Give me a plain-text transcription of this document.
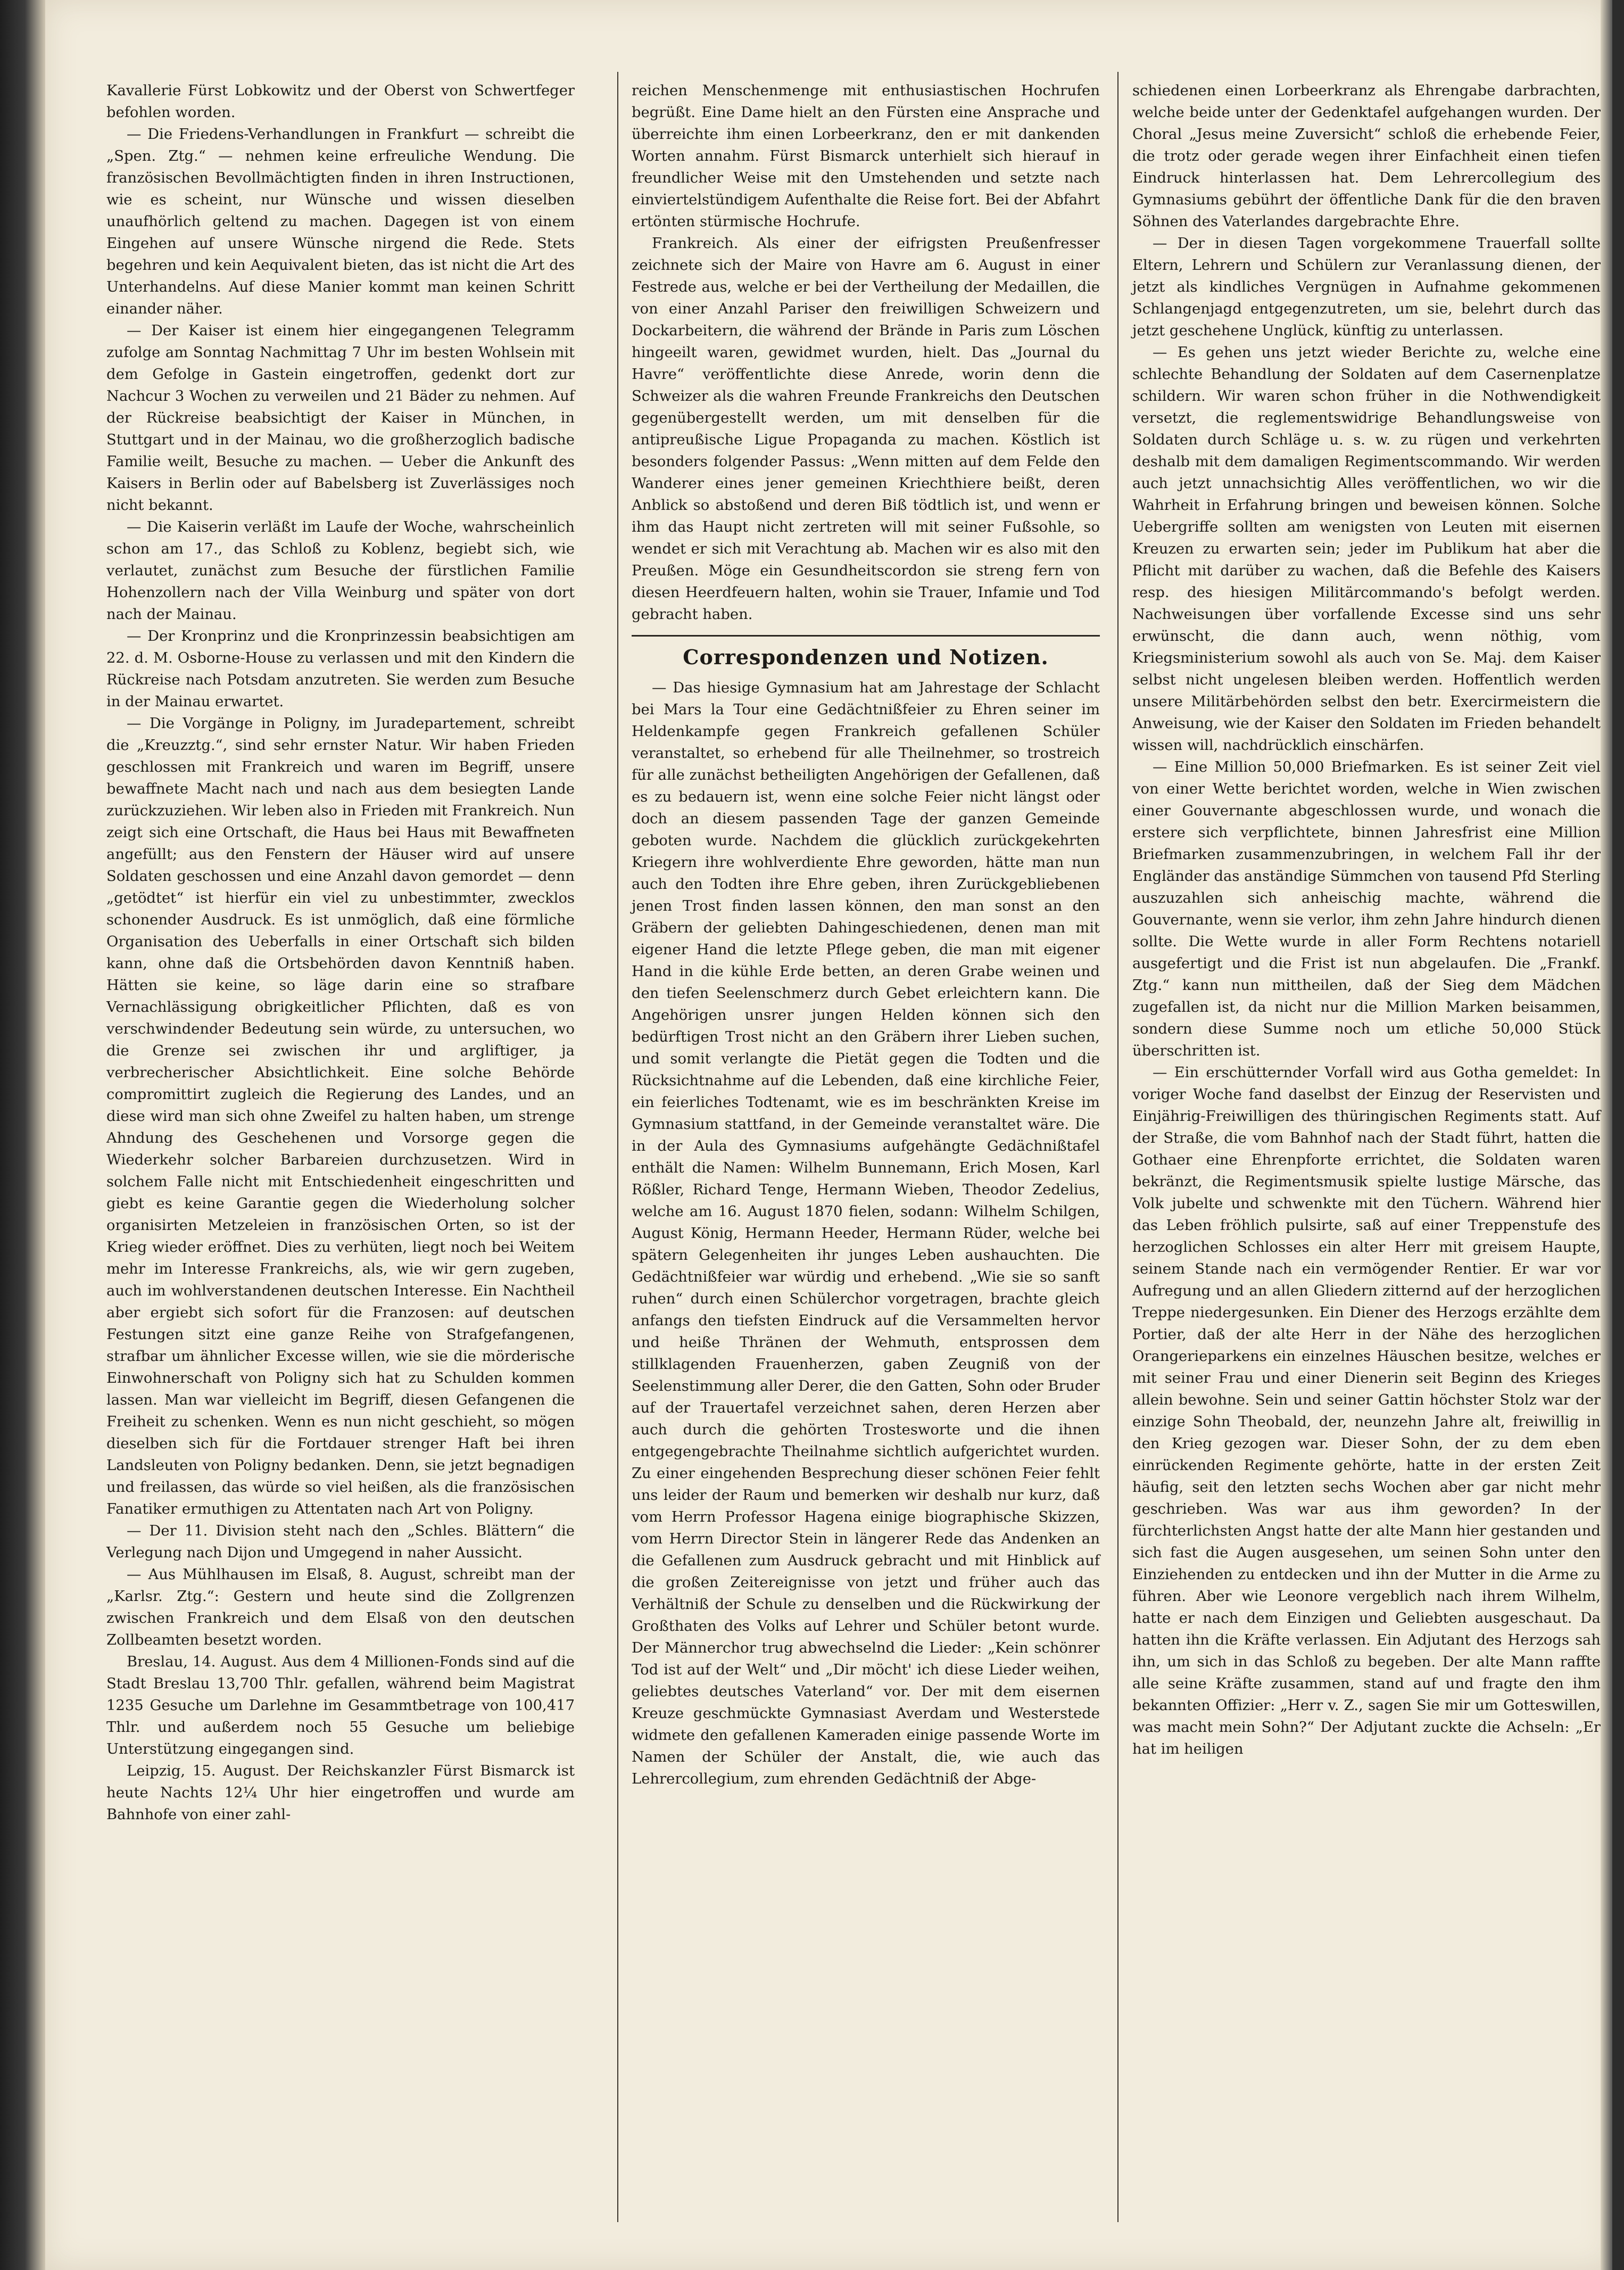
Kavallerie Fürst Lobkowitz und der Oberst von Schwertfeger befohlen worden.

— Die Friedens-Verhandlungen in Frankfurt — schreibt die „Spen. Ztg.“ — nehmen keine erfreuliche Wendung. Die französischen Bevollmächtigten finden in ihren Instructionen, wie es scheint, nur Wünsche und wissen dieselben unaufhörlich geltend zu machen. Dagegen ist von einem Eingehen auf unsere Wünsche nirgend die Rede. Stets begehren und kein Aequivalent bieten, das ist nicht die Art des Unterhandelns. Auf diese Manier kommt man keinen Schritt einander näher.

— Der Kaiser ist einem hier eingegangenen Telegramm zufolge am Sonntag Nachmittag 7 Uhr im besten Wohlsein mit dem Gefolge in Gastein eingetroffen, gedenkt dort zur Nachcur 3 Wochen zu verweilen und 21 Bäder zu nehmen. Auf der Rückreise beabsichtigt der Kaiser in München, in Stuttgart und in der Mainau, wo die großherzoglich badische Familie weilt, Besuche zu machen. — Ueber die Ankunft des Kaisers in Berlin oder auf Babelsberg ist Zuverlässiges noch nicht bekannt.

— Die Kaiserin verläßt im Laufe der Woche, wahrscheinlich schon am 17., das Schloß zu Koblenz, begiebt sich, wie verlautet, zunächst zum Besuche der fürstlichen Familie Hohenzollern nach der Villa Weinburg und später von dort nach der Mainau.

— Der Kronprinz und die Kronprinzessin beabsichtigen am 22. d. M. Osborne-House zu verlassen und mit den Kindern die Rückreise nach Potsdam anzutreten. Sie werden zum Besuche in der Mainau erwartet.

— Die Vorgänge in Poligny, im Juradepartement, schreibt die „Kreuzztg.“, sind sehr ernster Natur. Wir haben Frieden geschlossen mit Frankreich und waren im Begriff, unsere bewaffnete Macht nach und nach aus dem besiegten Lande zurückzuziehen. Wir leben also in Frieden mit Frankreich. Nun zeigt sich eine Ortschaft, die Haus bei Haus mit Bewaffneten angefüllt; aus den Fenstern der Häuser wird auf unsere Soldaten geschossen und eine Anzahl davon gemordet — denn „getödtet“ ist hierfür ein viel zu unbestimmter, zwecklos schonender Ausdruck. Es ist unmöglich, daß eine förmliche Organisation des Ueberfalls in einer Ortschaft sich bilden kann, ohne daß die Ortsbehörden davon Kenntniß haben. Hätten sie keine, so läge darin eine so strafbare Vernachlässigung obrigkeitlicher Pflichten, daß es von verschwindender Bedeutung sein würde, zu untersuchen, wo die Grenze sei zwischen ihr und argliftiger, ja verbrecherischer Absichtlichkeit. Eine solche Behörde compromittirt zugleich die Regierung des Landes, und an diese wird man sich ohne Zweifel zu halten haben, um strenge Ahndung des Geschehenen und Vorsorge gegen die Wiederkehr solcher Barbareien durchzusetzen. Wird in solchem Falle nicht mit Entschiedenheit eingeschritten und giebt es keine Garantie gegen die Wiederholung solcher organisirten Metzeleien in französischen Orten, so ist der Krieg wieder eröffnet. Dies zu verhüten, liegt noch bei Weitem mehr im Interesse Frankreichs, als, wie wir gern zugeben, auch im wohlverstandenen deutschen Interesse. Ein Nachtheil aber ergiebt sich sofort für die Franzosen: auf deutschen Festungen sitzt eine ganze Reihe von Strafgefangenen, strafbar um ähnlicher Excesse willen, wie sie die mörderische Einwohnerschaft von Poligny sich hat zu Schulden kommen lassen. Man war vielleicht im Begriff, diesen Gefangenen die Freiheit zu schenken. Wenn es nun nicht geschieht, so mögen dieselben sich für die Fortdauer strenger Haft bei ihren Landsleuten von Poligny bedanken. Denn, sie jetzt begnadigen und freilassen, das würde so viel heißen, als die französischen Fanatiker ermuthigen zu Attentaten nach Art von Poligny.

— Der 11. Division steht nach den „Schles. Blättern“ die Verlegung nach Dijon und Umgegend in naher Aussicht.

— Aus Mühlhausen im Elsaß, 8. August, schreibt man der „Karlsr. Ztg.“: Gestern und heute sind die Zollgrenzen zwischen Frankreich und dem Elsaß von den deutschen Zollbeamten besetzt worden.

Breslau, 14. August. Aus dem 4 Millionen-Fonds sind auf die Stadt Breslau 13,700 Thlr. gefallen, während beim Magistrat 1235 Gesuche um Darlehne im Gesammtbetrage von 100,417 Thlr. und außerdem noch 55 Gesuche um beliebige Unterstützung eingegangen sind.

Leipzig, 15. August. Der Reichskanzler Fürst Bismarck ist heute Nachts 12¼ Uhr hier eingetroffen und wurde am Bahnhofe von einer zahl-

reichen Menschenmenge mit enthusiastischen Hochrufen begrüßt. Eine Dame hielt an den Fürsten eine Ansprache und überreichte ihm einen Lorbeerkranz, den er mit dankenden Worten annahm. Fürst Bismarck unterhielt sich hierauf in freundlicher Weise mit den Umstehenden und setzte nach einviertelstündigem Aufenthalte die Reise fort. Bei der Abfahrt ertönten stürmische Hochrufe.

Frankreich. Als einer der eifrigsten Preußenfresser zeichnete sich der Maire von Havre am 6. August in einer Festrede aus, welche er bei der Vertheilung der Medaillen, die von einer Anzahl Pariser den freiwilligen Schweizern und Dockarbeitern, die während der Brände in Paris zum Löschen hingeeilt waren, gewidmet wurden, hielt. Das „Journal du Havre“ veröffentlichte diese Anrede, worin denn die Schweizer als die wahren Freunde Frankreichs den Deutschen gegenübergestellt werden, um mit denselben für die antipreußische Ligue Propaganda zu machen. Köstlich ist besonders folgender Passus: „Wenn mitten auf dem Felde den Wanderer eines jener gemeinen Kriechthiere beißt, deren Anblick so abstoßend und deren Biß tödtlich ist, und wenn er ihm das Haupt nicht zertreten will mit seiner Fußsohle, so wendet er sich mit Verachtung ab. Machen wir es also mit den Preußen. Möge ein Gesundheitscordon sie streng fern von diesen Heerdfeuern halten, wohin sie Trauer, Infamie und Tod gebracht haben.

Correspondenzen und Notizen.

— Das hiesige Gymnasium hat am Jahrestage der Schlacht bei Mars la Tour eine Gedächtnißfeier zu Ehren seiner im Heldenkampfe gegen Frankreich gefallenen Schüler veranstaltet, so erhebend für alle Theilnehmer, so trostreich für alle zunächst betheiligten Angehörigen der Gefallenen, daß es zu bedauern ist, wenn eine solche Feier nicht längst oder doch an diesem passenden Tage der ganzen Gemeinde geboten wurde. Nachdem die glücklich zurückgekehrten Kriegern ihre wohlverdiente Ehre geworden, hätte man nun auch den Todten ihre Ehre geben, ihren Zurückgebliebenen jenen Trost finden lassen können, den man sonst an den Gräbern der geliebten Dahingeschiedenen, denen man mit eigener Hand die letzte Pflege geben, die man mit eigener Hand in die kühle Erde betten, an deren Grabe weinen und den tiefen Seelenschmerz durch Gebet erleichtern kann. Die Angehörigen unsrer jungen Helden können sich den bedürftigen Trost nicht an den Gräbern ihrer Lieben suchen, und somit verlangte die Pietät gegen die Todten und die Rücksichtnahme auf die Lebenden, daß eine kirchliche Feier, ein feierliches Todtenamt, wie es im beschränkten Kreise im Gymnasium stattfand, in der Gemeinde veranstaltet wäre. Die in der Aula des Gymnasiums aufgehängte Gedächnißtafel enthält die Namen: Wilhelm Bunnemann, Erich Mosen, Karl Rößler, Richard Tenge, Hermann Wieben, Theodor Zedelius, welche am 16. August 1870 fielen, sodann: Wilhelm Schilgen, August König, Hermann Heeder, Hermann Rüder, welche bei spätern Gelegenheiten ihr junges Leben aushauchten. Die Gedächtnißfeier war würdig und erhebend. „Wie sie so sanft ruhen“ durch einen Schülerchor vorgetragen, brachte gleich anfangs den tiefsten Eindruck auf die Versammelten hervor und heiße Thränen der Wehmuth, entsprossen dem stillklagenden Frauenherzen, gaben Zeugniß von der Seelenstimmung aller Derer, die den Gatten, Sohn oder Bruder auf der Trauertafel verzeichnet sahen, deren Herzen aber auch durch die gehörten Trostesworte und die ihnen entgegengebrachte Theilnahme sichtlich aufgerichtet wurden. Zu einer eingehenden Besprechung dieser schönen Feier fehlt uns leider der Raum und bemerken wir deshalb nur kurz, daß vom Herrn Professor Hagena einige biographische Skizzen, vom Herrn Director Stein in längerer Rede das Andenken an die Gefallenen zum Ausdruck gebracht und mit Hinblick auf die großen Zeitereignisse von jetzt und früher auch das Verhältniß der Schule zu denselben und die Rückwirkung der Großthaten des Volks auf Lehrer und Schüler betont wurde. Der Männerchor trug abwechselnd die Lieder: „Kein schönrer Tod ist auf der Welt“ und „Dir möcht' ich diese Lieder weihen, geliebtes deutsches Vaterland“ vor. Der mit dem eisernen Kreuze geschmückte Gymnasiast Averdam und Westerstede widmete den gefallenen Kameraden einige passende Worte im Namen der Schüler der Anstalt, die, wie auch das Lehrercollegium, zum ehrenden Gedächtniß der Abge-

schiedenen einen Lorbeerkranz als Ehrengabe darbrachten, welche beide unter der Gedenktafel aufgehangen wurden. Der Choral „Jesus meine Zuversicht“ schloß die erhebende Feier, die trotz oder gerade wegen ihrer Einfachheit einen tiefen Eindruck hinterlassen hat. Dem Lehrercollegium des Gymnasiums gebührt der öffentliche Dank für die den braven Söhnen des Vaterlandes dargebrachte Ehre.

— Der in diesen Tagen vorgekommene Trauerfall sollte Eltern, Lehrern und Schülern zur Veranlassung dienen, der jetzt als kindliches Vergnügen in Aufnahme gekommenen Schlangenjagd entgegenzutreten, um sie, belehrt durch das jetzt geschehene Unglück, künftig zu unterlassen.

— Es gehen uns jetzt wieder Berichte zu, welche eine schlechte Behandlung der Soldaten auf dem Casernenplatze schildern. Wir waren schon früher in die Nothwendigkeit versetzt, die reglementswidrige Behandlungsweise von Soldaten durch Schläge u. s. w. zu rügen und verkehrten deshalb mit dem damaligen Regimentscommando. Wir werden auch jetzt unnachsichtig Alles veröffentlichen, wo wir die Wahrheit in Erfahrung bringen und beweisen können. Solche Uebergriffe sollten am wenigsten von Leuten mit eisernen Kreuzen zu erwarten sein; jeder im Publikum hat aber die Pflicht mit darüber zu wachen, daß die Befehle des Kaisers resp. des hiesigen Militärcommando's befolgt werden. Nachweisungen über vorfallende Excesse sind uns sehr erwünscht, die dann auch, wenn nöthig, vom Kriegsministerium sowohl als auch von Se. Maj. dem Kaiser selbst nicht ungelesen bleiben werden. Hoffentlich werden unsere Militärbehörden selbst den betr. Exercirmeistern die Anweisung, wie der Kaiser den Soldaten im Frieden behandelt wissen will, nachdrücklich einschärfen.

— Eine Million 50,000 Briefmarken. Es ist seiner Zeit viel von einer Wette berichtet worden, welche in Wien zwischen einer Gouvernante abgeschlossen wurde, und wonach die erstere sich verpflichtete, binnen Jahresfrist eine Million Briefmarken zusammenzubringen, in welchem Fall ihr der Engländer das anständige Sümmchen von tausend Pfd Sterling auszuzahlen sich anheischig machte, während die Gouvernante, wenn sie verlor, ihm zehn Jahre hindurch dienen sollte. Die Wette wurde in aller Form Rechtens notariell ausgefertigt und die Frist ist nun abgelaufen. Die „Frankf. Ztg.“ kann nun mittheilen, daß der Sieg dem Mädchen zugefallen ist, da nicht nur die Million Marken beisammen, sondern diese Summe noch um etliche 50,000 Stück überschritten ist.

— Ein erschütternder Vorfall wird aus Gotha gemeldet: In voriger Woche fand daselbst der Einzug der Reservisten und Einjährig-Freiwilligen des thüringischen Regiments statt. Auf der Straße, die vom Bahnhof nach der Stadt führt, hatten die Gothaer eine Ehrenpforte errichtet, die Soldaten waren bekränzt, die Regimentsmusik spielte lustige Märsche, das Volk jubelte und schwenkte mit den Tüchern. Während hier das Leben fröhlich pulsirte, saß auf einer Treppenstufe des herzoglichen Schlosses ein alter Herr mit greisem Haupte, seinem Stande nach ein vermögender Rentier. Er war vor Aufregung und an allen Gliedern zitternd auf der herzoglichen Treppe niedergesunken. Ein Diener des Herzogs erzählte dem Portier, daß der alte Herr in der Nähe des herzoglichen Orangerieparkens ein einzelnes Häuschen besitze, welches er mit seiner Frau und einer Dienerin seit Beginn des Krieges allein bewohne. Sein und seiner Gattin höchster Stolz war der einzige Sohn Theobald, der, neunzehn Jahre alt, freiwillig in den Krieg gezogen war. Dieser Sohn, der zu dem eben einrückenden Regimente gehörte, hatte in der ersten Zeit häufig, seit den letzten sechs Wochen aber gar nicht mehr geschrieben. Was war aus ihm geworden? In der fürchterlichsten Angst hatte der alte Mann hier gestanden und sich fast die Augen ausgesehen, um seinen Sohn unter den Einziehenden zu entdecken und ihn der Mutter in die Arme zu führen. Aber wie Leonore vergeblich nach ihrem Wilhelm, hatte er nach dem Einzigen und Geliebten ausgeschaut. Da hatten ihn die Kräfte verlassen. Ein Adjutant des Herzogs sah ihn, um sich in das Schloß zu begeben. Der alte Mann raffte alle seine Kräfte zusammen, stand auf und fragte den ihm bekannten Offizier: „Herr v. Z., sagen Sie mir um Gotteswillen, was macht mein Sohn?“ Der Adjutant zuckte die Achseln: „Er hat im heiligen
